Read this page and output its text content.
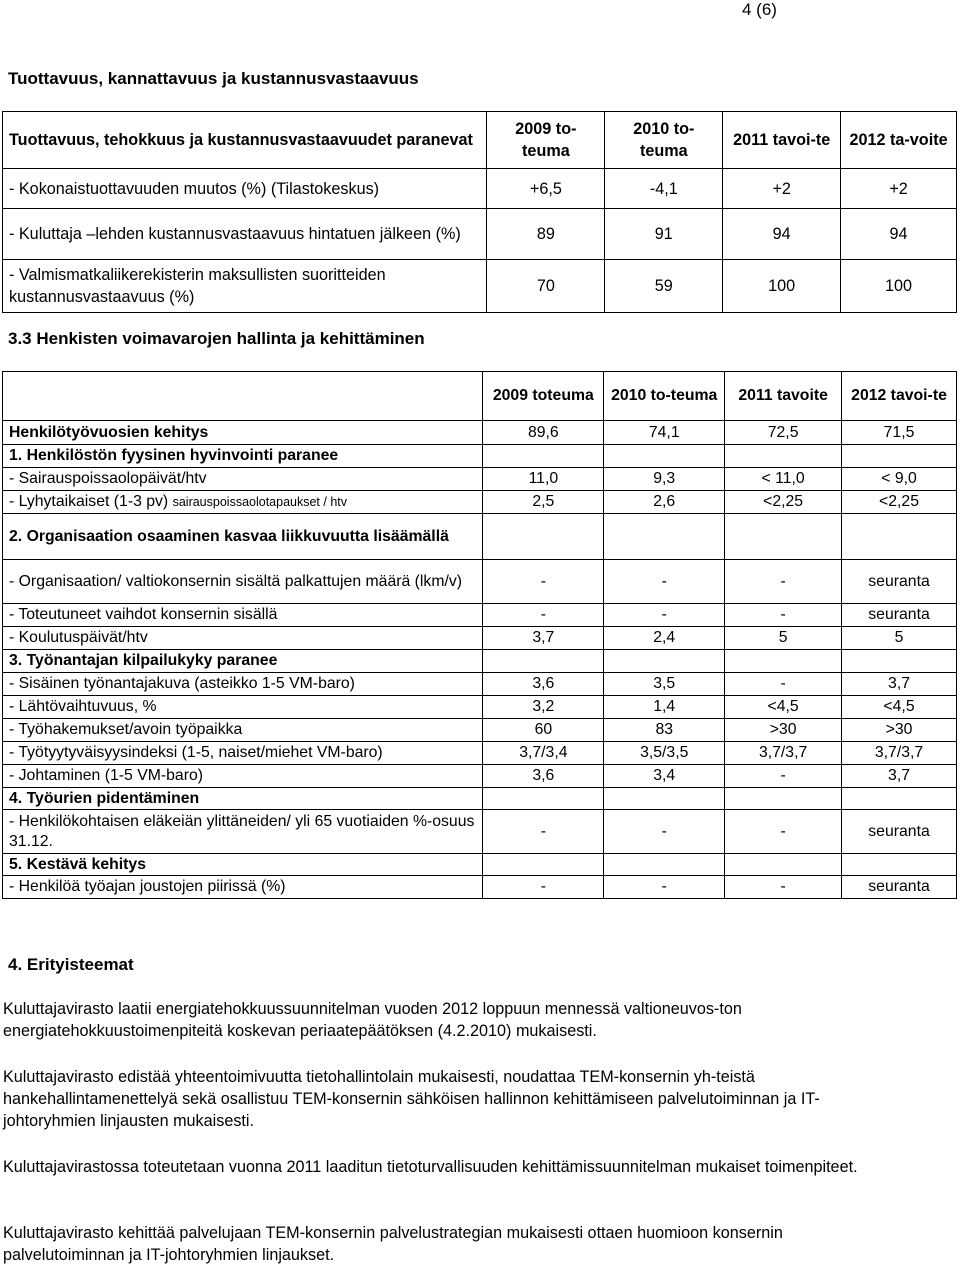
4 (6)
Tuottavuus, kannattavuus ja kustannusvastaavuus
Tuottavuus, tehokkuus ja kustannusvastaavuudet paranevat	2009 to-teuma	2010 to-teuma	2011 tavoi-te	2012 ta-voite
- Kokonaistuottavuuden muutos (%) (Tilastokeskus)	+6,5	-4,1	+2	+2
- Kuluttaja –lehden kustannusvastaavuus hintatuen jälkeen (%)	89	91	94	94
- Valmismatkaliikerekisterin maksullisten suoritteiden kustannusvastaavuus (%)	70	59	100	100
3.3 Henkisten voimavarojen hallinta ja kehittäminen
	2009 toteuma	2010 to-teuma	2011 tavoite	2012 tavoi-te
Henkilötyövuosien kehitys	89,6	74,1	72,5	71,5
1. Henkilöstön fyysinen hyvinvointi paranee				
- Sairauspoissaolopäivät/htv	11,0	9,3	< 11,0	< 9,0
- Lyhytaikaiset (1-3 pv) sairauspoissaolotapaukset / htv	2,5	2,6	<2,25	<2,25
2. Organisaation osaaminen kasvaa liikkuvuutta lisäämällä				
- Organisaation/ valtiokonsernin sisältä palkattujen määrä (lkm/v)	-	-	-	seuranta
- Toteutuneet vaihdot konsernin sisällä	-	-	-	seuranta
- Koulutuspäivät/htv	3,7	2,4	5	5
3. Työnantajan kilpailukyky paranee				
- Sisäinen työnantajakuva (asteikko 1-5 VM-baro)	3,6	3,5	-	3,7
- Lähtövaihtuvuus, %	3,2	1,4	<4,5	<4,5
- Työhakemukset/avoin työpaikka	60	83	>30	>30
- Työtyytyväisyysindeksi (1-5, naiset/miehet VM-baro)	3,7/3,4	3,5/3,5	3,7/3,7	3,7/3,7
- Johtaminen (1-5 VM-baro)	3,6	3,4	-	3,7
4. Työurien pidentäminen				
- Henkilökohtaisen eläkeiän ylittäneiden/ yli 65 vuotiaiden %-osuus 31.12.	-	-	-	seuranta
5. Kestävä kehitys				
- Henkilöä työajan joustojen piirissä (%)	-	-	-	seuranta
4. Erityisteemat
Kuluttajavirasto laatii energiatehokkuussuunnitelman vuoden 2012 loppuun mennessä valtioneuvos-ton energiatehokkuustoimenpiteitä koskevan periaatepäätöksen (4.2.2010) mukaisesti.
Kuluttajavirasto edistää yhteentoimivuutta tietohallintolain mukaisesti, noudattaa TEM-konsernin yh-teistä hankehallintamenettelyä sekä osallistuu TEM-konsernin sähköisen hallinnon kehittämiseen palvelutoiminnan ja IT-johtoryhmien linjausten mukaisesti.
Kuluttajavirastossa toteutetaan vuonna 2011 laaditun tietoturvallisuuden kehittämissuunnitelman mukaiset toimenpiteet.
Kuluttajavirasto kehittää palvelujaan TEM-konsernin palvelustrategian mukaisesti ottaen huomioon konsernin palvelutoiminnan ja IT-johtoryhmien linjaukset.
